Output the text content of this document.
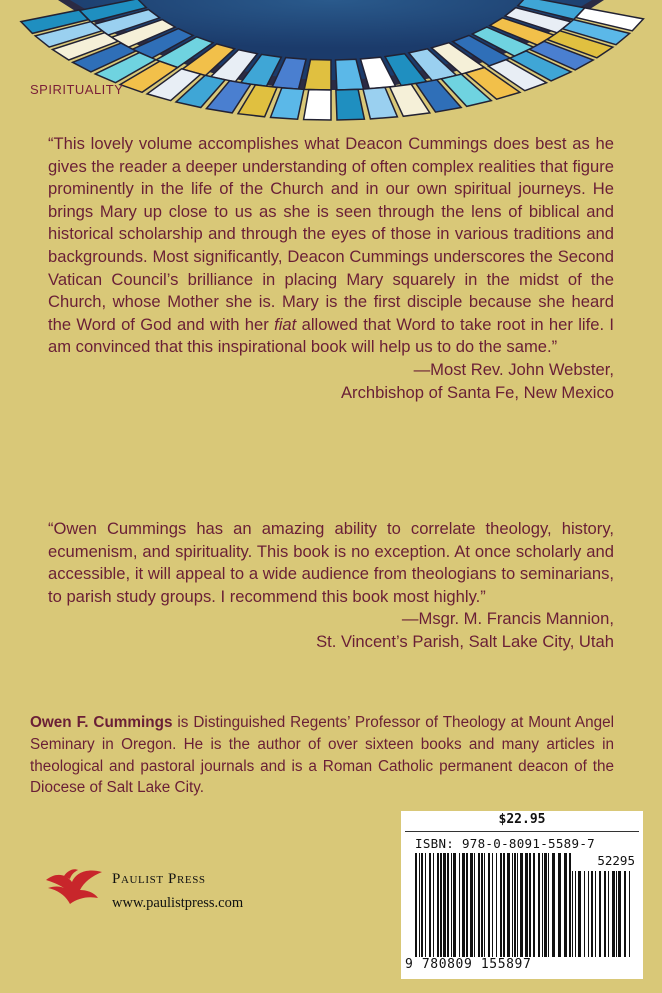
SPIRITUALITY
“This lovely volume accomplishes what Deacon Cummings does best as he gives the reader a deeper understanding of often complex realities that figure prominently in the life of the Church and in our own spiritual journeys. He brings Mary up close to us as she is seen through the lens of biblical and historical scholarship and through the eyes of those in various traditions and backgrounds. Most significantly, Deacon Cummings underscores the Second Vatican Council’s brilliance in placing Mary squarely in the midst of the Church, whose Mother she is. Mary is the first disciple because she heard the Word of God and with her fiat allowed that Word to take root in her life. I am convinced that this inspirational book will help us to do the same.”
—Most Rev. John Webster,
Archbishop of Santa Fe, New Mexico
“Owen Cummings has an amazing ability to correlate theology, history, ecumenism, and spirituality. This book is no exception. At once scholarly and accessible, it will appeal to a wide audience from theologians to seminarians, to parish study groups. I recommend this book most highly.”
—Msgr. M. Francis Mannion,
St. Vincent’s Parish, Salt Lake City, Utah
Owen F. Cummings is Distinguished Regents’ Professor of Theology at Mount Angel Seminary in Oregon. He is the author of over sixteen books and many articles in theological and pastoral journals and is a Roman Catholic permanent deacon of the Diocese of Salt Lake City.
$22.95
ISBN: 978-0-8091-5589-7
52295
9 780809 155897
Paulist Press
www.paulistpress.com
